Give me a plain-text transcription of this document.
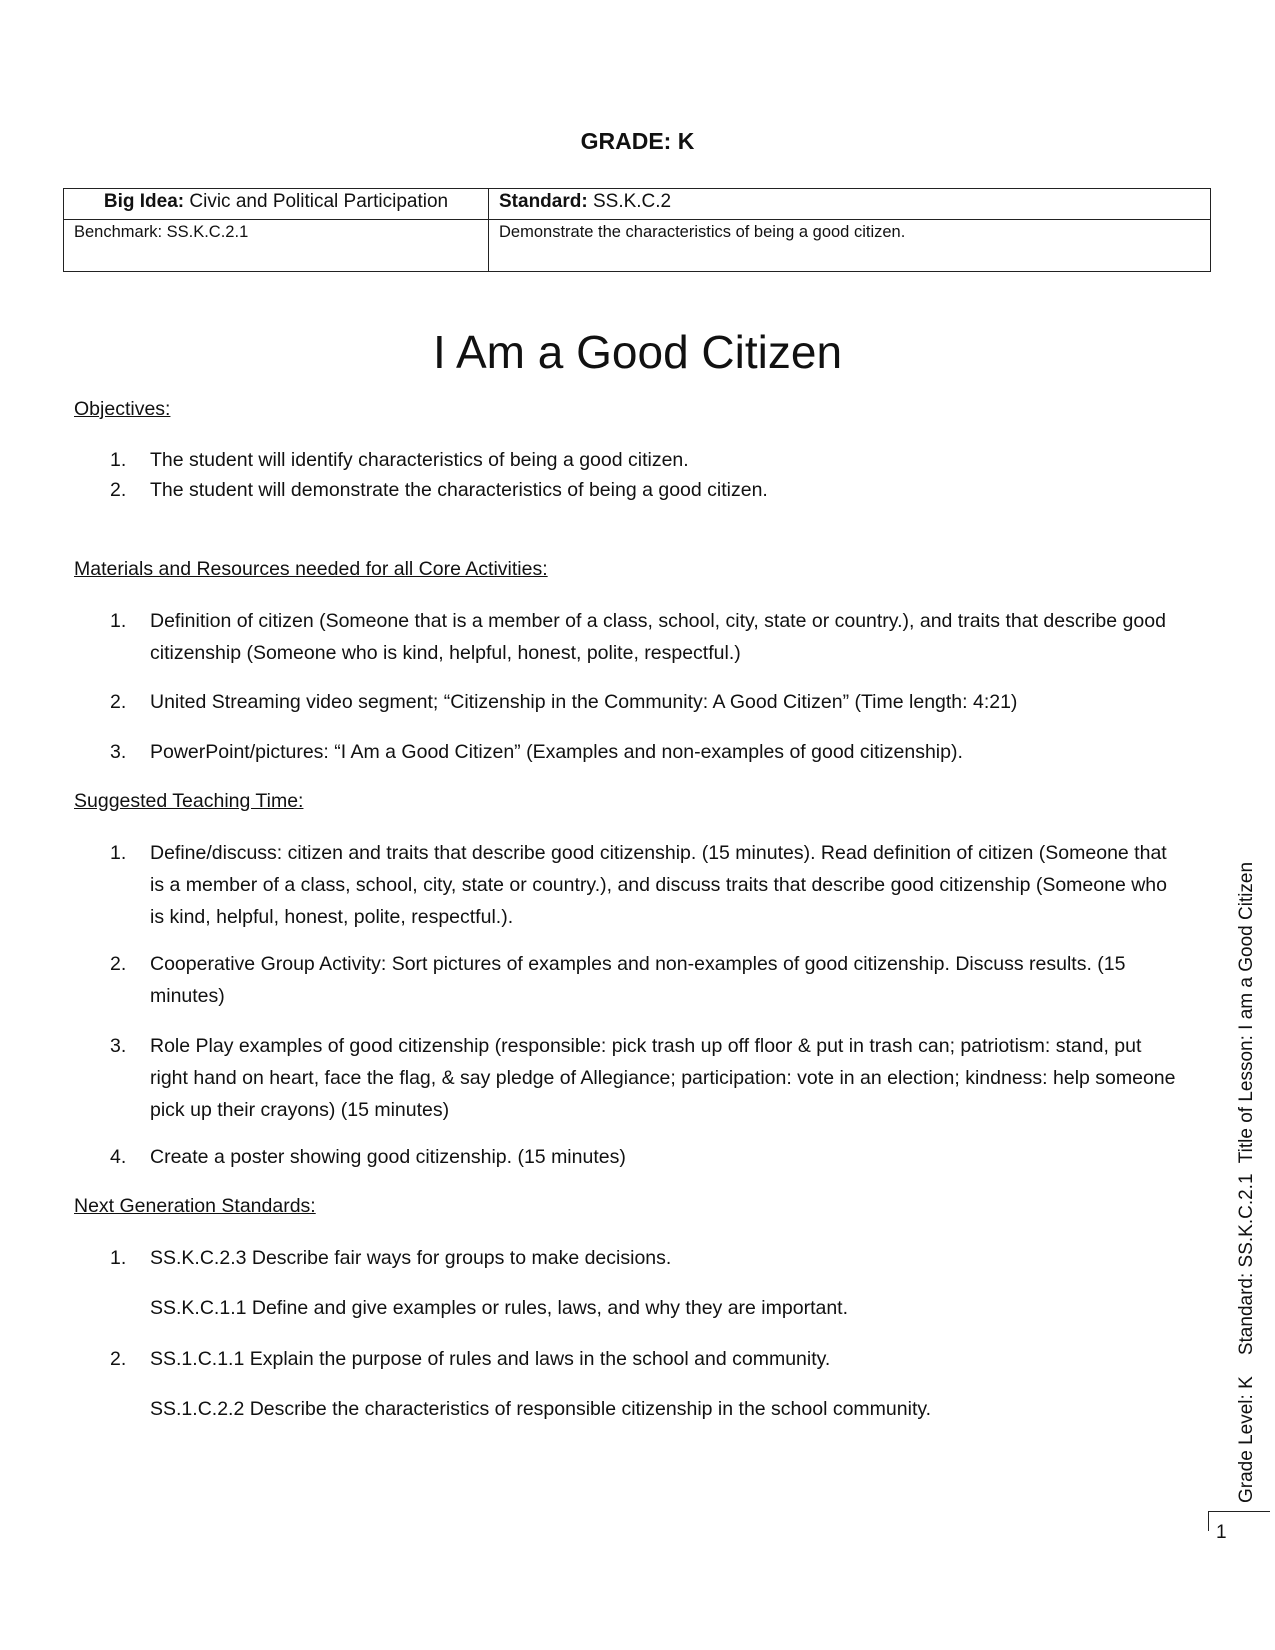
GRADE: K
Big Idea: Civic and Political Participation	Standard: SS.K.C.2
Benchmark: SS.K.C.2.1	Demonstrate the characteristics of being a good citizen.
I Am a Good Citizen
Objectives:
1. The student will identify characteristics of being a good citizen.
2. The student will demonstrate the characteristics of being a good citizen.
Materials and Resources needed for all Core Activities:
1. Definition of citizen (Someone that is a member of a class, school, city, state or country.), and traits that describe good citizenship (Someone who is kind, helpful, honest, polite, respectful.)
2. United Streaming video segment; “Citizenship in the Community: A Good Citizen” (Time length: 4:21)
3. PowerPoint/pictures: “I Am a Good Citizen” (Examples and non-examples of good citizenship).
Suggested Teaching Time:
1. Define/discuss: citizen and traits that describe good citizenship. (15 minutes). Read definition of citizen (Someone that is a member of a class, school, city, state or country.), and discuss traits that describe good citizenship (Someone who is kind, helpful, honest, polite, respectful.).
2. Cooperative Group Activity: Sort pictures of examples and non-examples of good citizenship. Discuss results. (15 minutes)
3. Role Play examples of good citizenship (responsible: pick trash up off floor & put in trash can; patriotism: stand, put right hand on heart, face the flag, & say pledge of Allegiance; participation: vote in an election; kindness: help someone pick up their crayons) (15 minutes)
4. Create a poster showing good citizenship. (15 minutes)
Next Generation Standards:
1. SS.K.C.2.3 Describe fair ways for groups to make decisions.
SS.K.C.1.1 Define and give examples or rules, laws, and why they are important.
2. SS.1.C.1.1 Explain the purpose of rules and laws in the school and community.
SS.1.C.2.2 Describe the characteristics of responsible citizenship in the school community.	Grade Level: K    Standard: SS.K.C.2.1  Title of Lesson: I am a Good Citizen
1
